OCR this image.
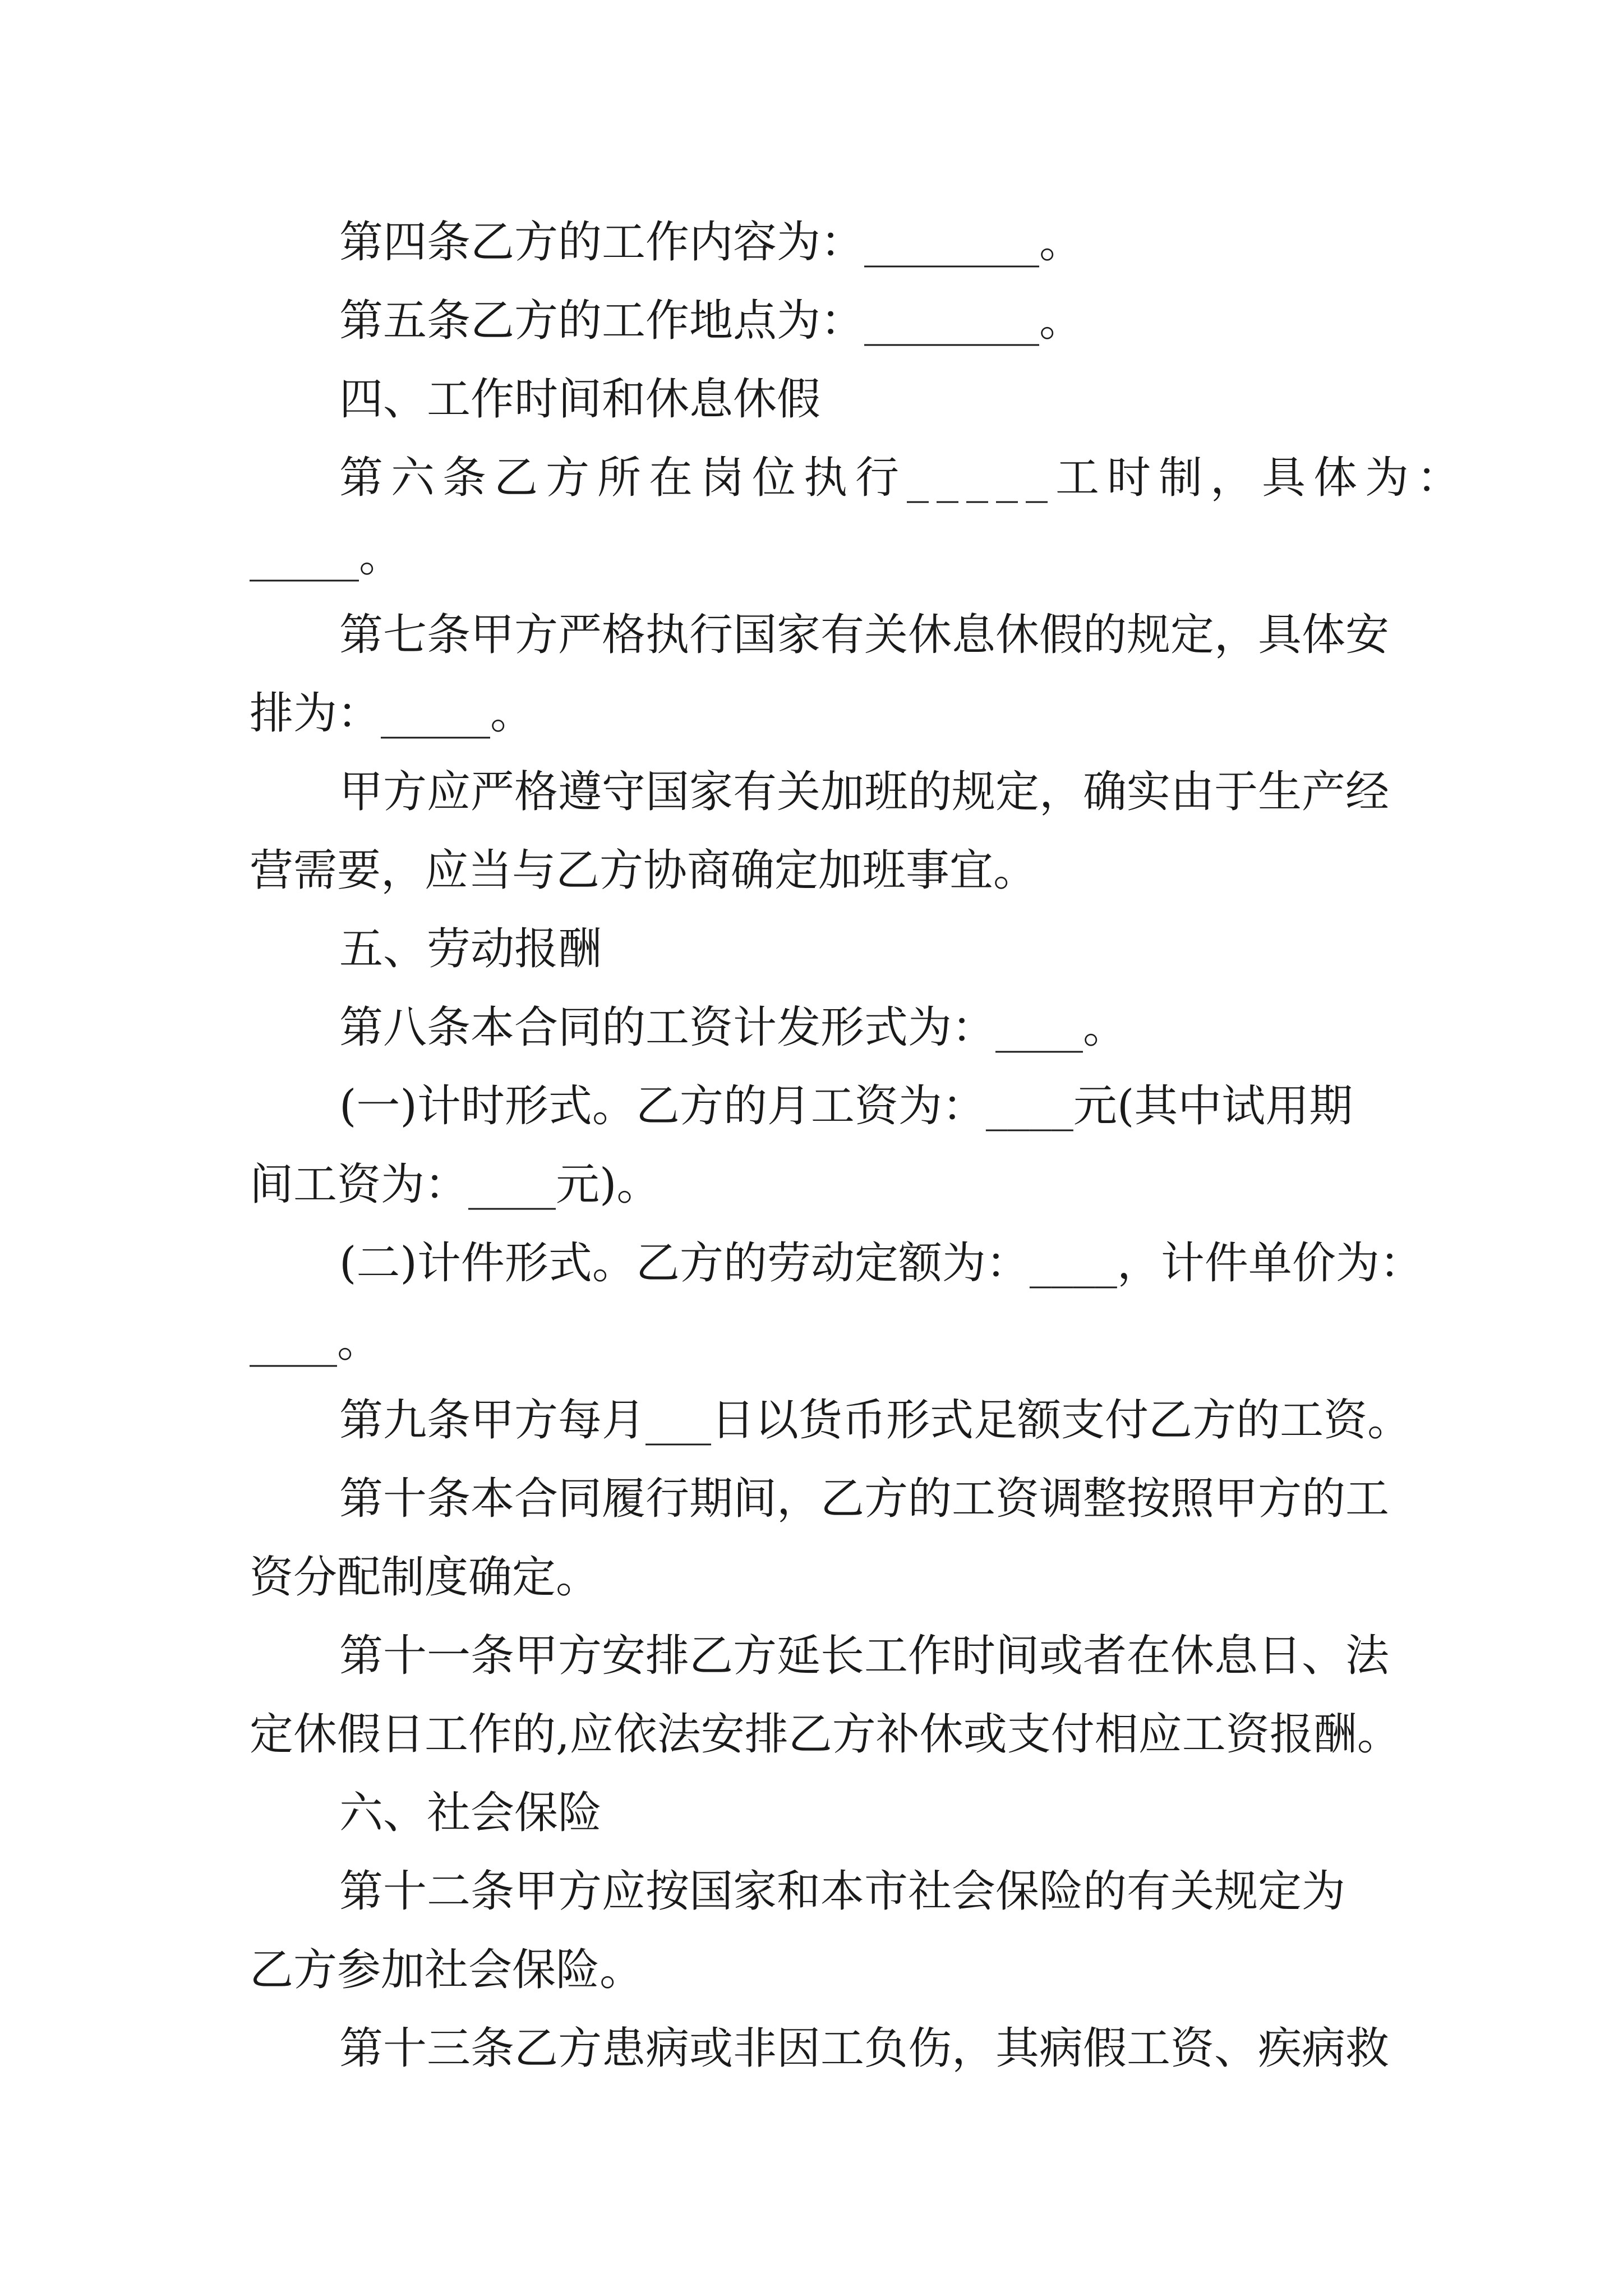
第四条乙方的工作内容为：________。

第五条乙方的工作地点为：________。

四、工作时间和休息休假

第六条乙方所在岗位执行_____工时制，具体为：

_____。

第七条甲方严格执行国家有关休息休假的规定，具体安

排为：_____。

甲方应严格遵守国家有关加班的规定，确实由于生产经

营需要，应当与乙方协商确定加班事宜。

五、劳动报酬

第八条本合同的工资计发形式为：____。

(一)计时形式。乙方的月工资为：____元(其中试用期

间工资为：____元)。

(二)计件形式。乙方的劳动定额为：____，计件单价为：

____。

第九条甲方每月___日以货币形式足额支付乙方的工资。

第十条本合同履行期间，乙方的工资调整按照甲方的工

资分配制度确定。

第十一条甲方安排乙方延长工作时间或者在休息日、法

定休假日工作的,应依法安排乙方补休或支付相应工资报酬。

六、社会保险

第十二条甲方应按国家和本市社会保险的有关规定为

乙方参加社会保险。

第十三条乙方患病或非因工负伤，其病假工资、疾病救
